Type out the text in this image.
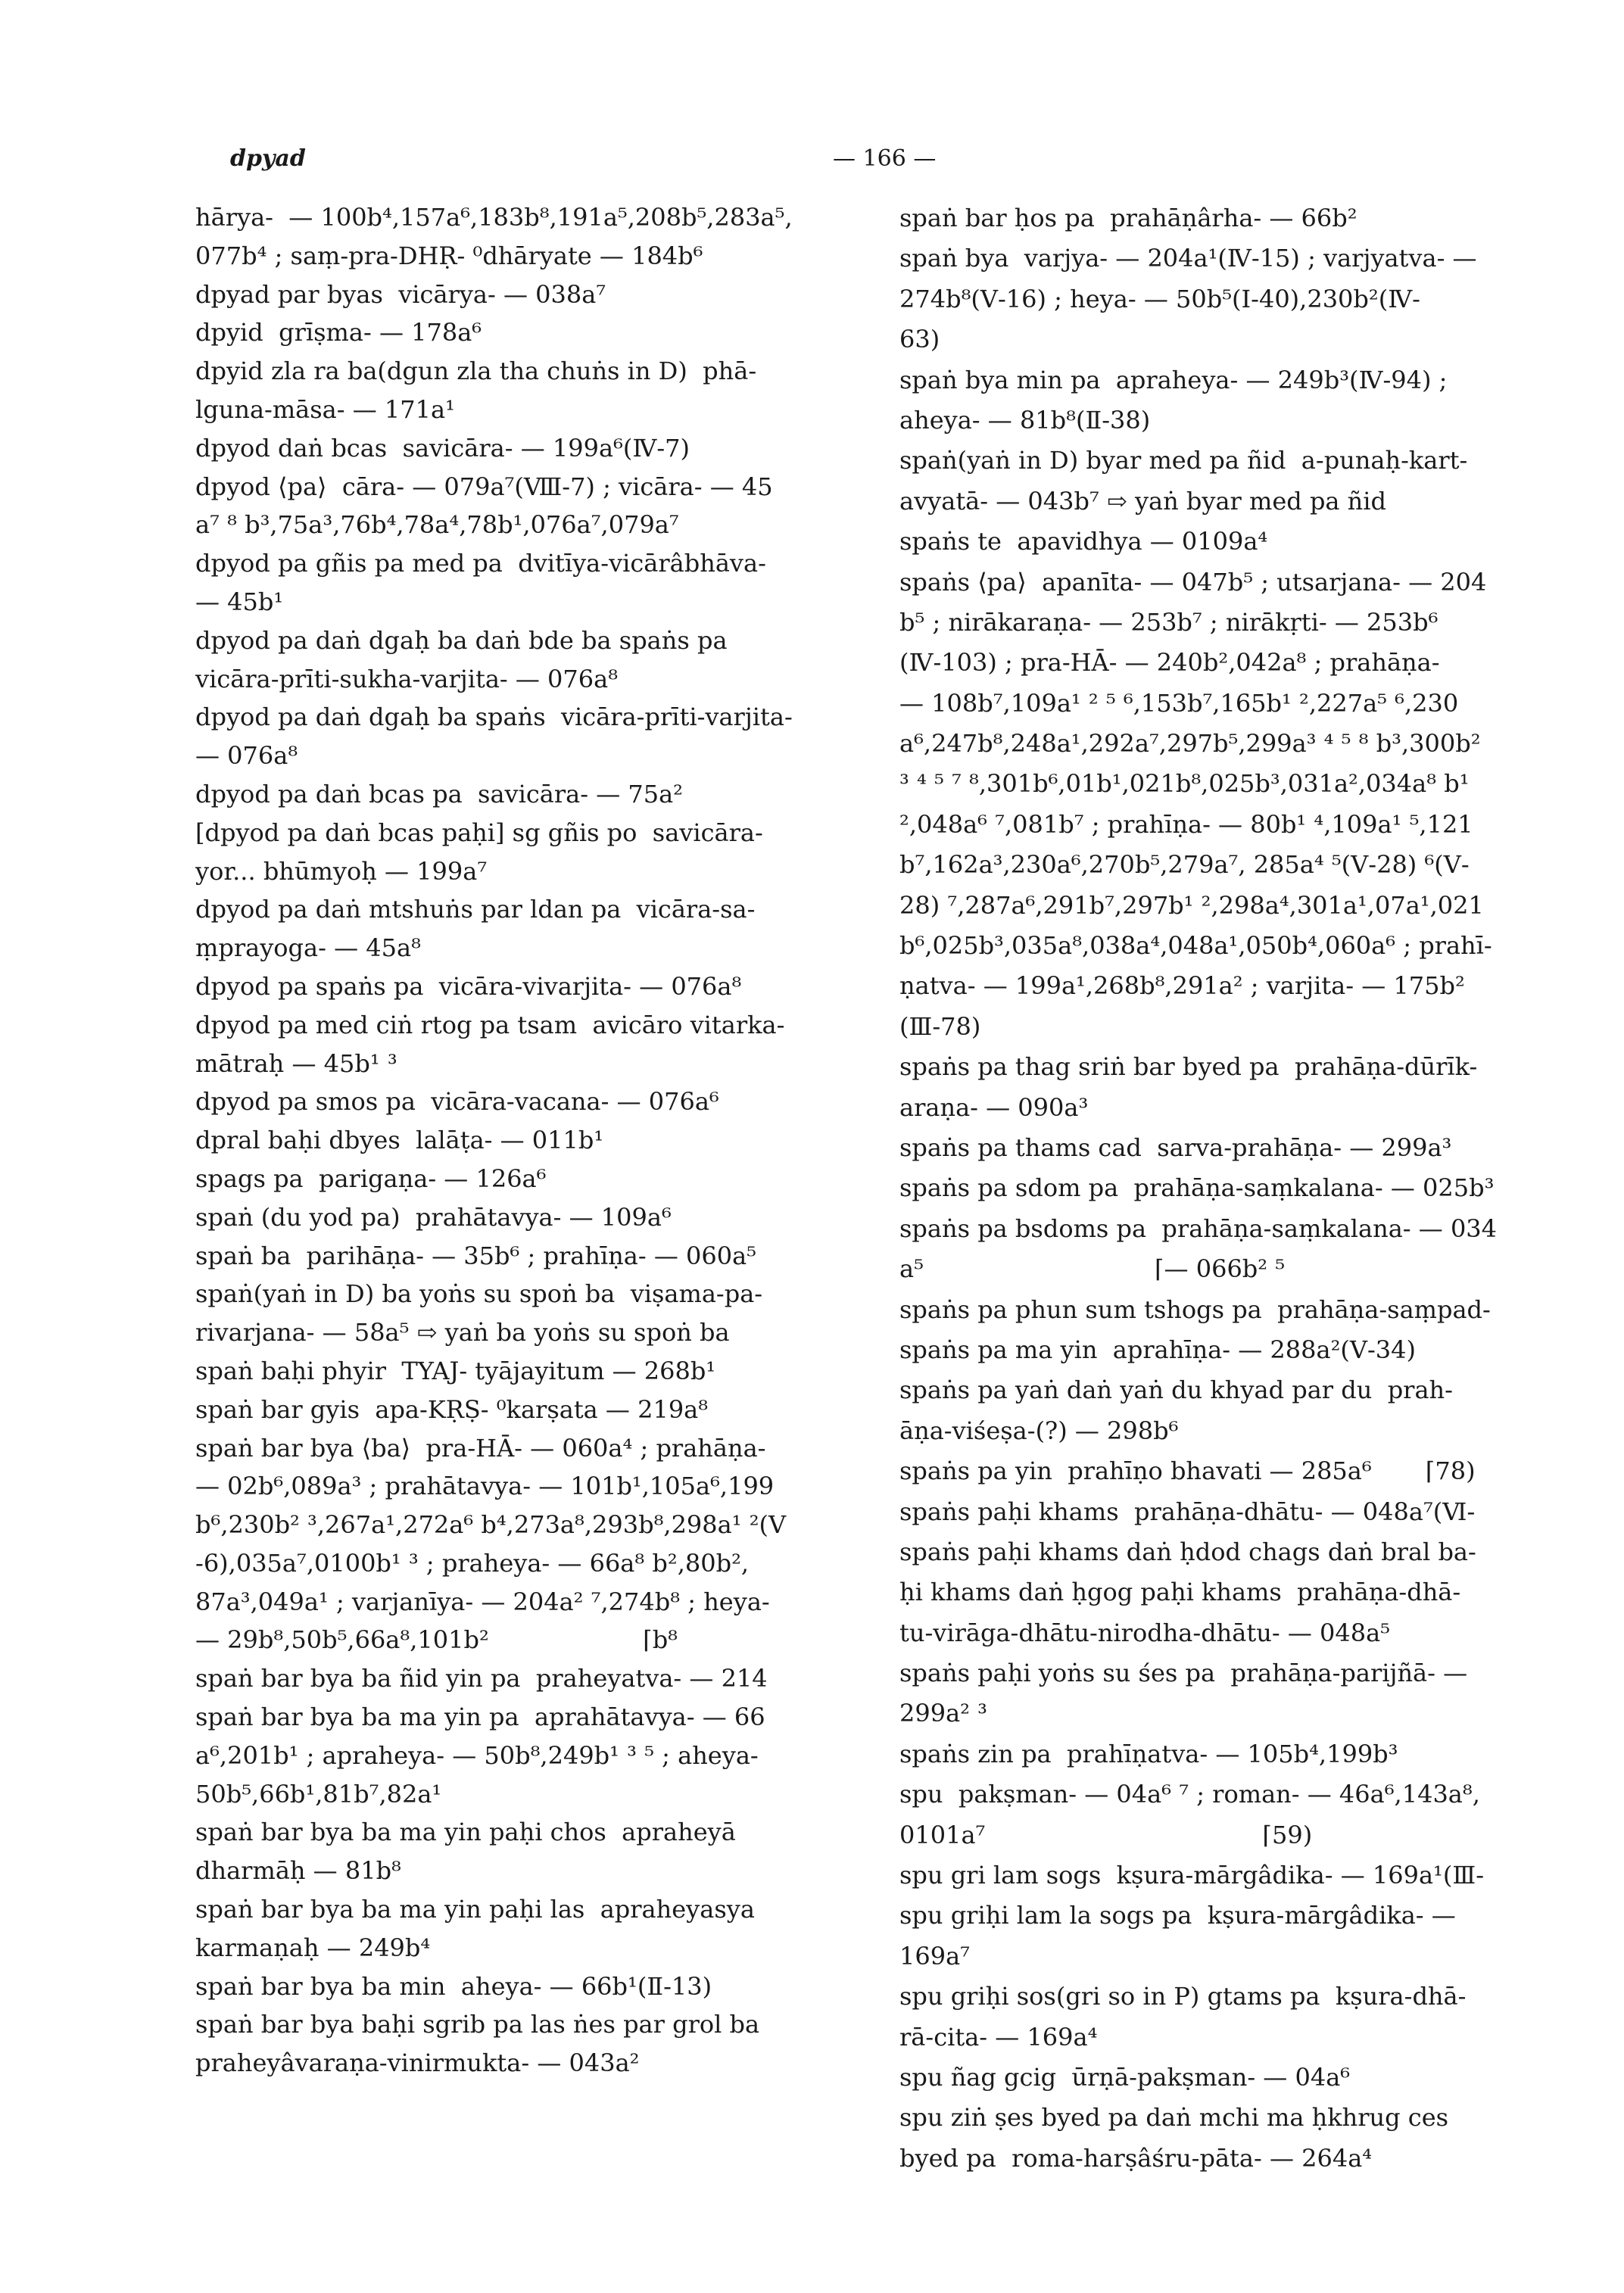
dpyad	— 166 —
hārya-  — 100b⁴,157a⁶,183b⁸,191a⁵,208b⁵,283a⁵,
077b⁴ ; saṃ-pra-DHṚ- ⁰dhāryate — 184b⁶
dpyad par byas  vicārya- — 038a⁷
dpyid  grīṣma- — 178a⁶
dpyid zla ra ba(dgun zla tha chuṅs in D)  phā-
lguna-māsa- — 171a¹
dpyod daṅ bcas  savicāra- — 199a⁶(Ⅳ-7)
dpyod ⟨pa⟩  cāra- — 079a⁷(Ⅷ-7) ; vicāra- — 45
a⁷ ⁸ b³,75a³,76b⁴,78a⁴,78b¹,076a⁷,079a⁷
dpyod pa gñis pa med pa  dvitīya-vicārâbhāva-
— 45b¹
dpyod pa daṅ dgaḥ ba daṅ bde ba spaṅs pa
vicāra-prīti-sukha-varjita- — 076a⁸
dpyod pa daṅ dgaḥ ba spaṅs  vicāra-prīti-varjita-
— 076a⁸
dpyod pa daṅ bcas pa  savicāra- — 75a²
[dpyod pa daṅ bcas paḥi] sg gñis po  savicāra-
yor... bhūmyoḥ — 199a⁷
dpyod pa daṅ mtshuṅs par ldan pa  vicāra-sa-
ṃprayoga- — 45a⁸
dpyod pa spaṅs pa  vicāra-vivarjita- — 076a⁸
dpyod pa med ciṅ rtog pa tsam  avicāro vitarka-
mātraḥ — 45b¹ ³
dpyod pa smos pa  vicāra-vacana- — 076a⁶
dpral baḥi dbyes  lalāṭa- — 011b¹
spags pa  parigaṇa- — 126a⁶
spaṅ (du yod pa)  prahātavya- — 109a⁶
spaṅ ba  parihāṇa- — 35b⁶ ; prahīṇa- — 060a⁵
spaṅ(yaṅ in D) ba yoṅs su spoṅ ba  viṣama-pa-
rivarjana- — 58a⁵ ⇨ yaṅ ba yoṅs su spoṅ ba
spaṅ baḥi phyir  TYAJ- tyājayitum — 268b¹
spaṅ bar gyis  apa-KṚṢ- ⁰karṣata — 219a⁸
spaṅ bar bya ⟨ba⟩  pra-HĀ- — 060a⁴ ; prahāṇa-
— 02b⁶,089a³ ; prahātavya- — 101b¹,105a⁶,199
b⁶,230b² ³,267a¹,272a⁶ b⁴,273a⁸,293b⁸,298a¹ ²(Ⅴ
-6),035a⁷,0100b¹ ³ ; praheya- — 66a⁸ b²,80b²,
87a³,049a¹ ; varjanīya- — 204a² ⁷,274b⁸ ; heya-
— 29b⁸,50b⁵,66a⁸,101b²                    ⌈b⁸
spaṅ bar bya ba ñid yin pa  praheyatva- — 214
spaṅ bar bya ba ma yin pa  aprahātavya- — 66
a⁶,201b¹ ; apraheya- — 50b⁸,249b¹ ³ ⁵ ; aheya-
50b⁵,66b¹,81b⁷,82a¹
spaṅ bar bya ba ma yin paḥi chos  apraheyā
dharmāḥ — 81b⁸
spaṅ bar bya ba ma yin paḥi las  apraheyasya
karmaṇaḥ — 249b⁴
spaṅ bar bya ba min  aheya- — 66b¹(Ⅱ-13)
spaṅ bar bya baḥi sgrib pa las ṅes par grol ba
praheyâvaraṇa-vinirmukta- — 043a²
spaṅ bar ḥos pa  prahāṇârha- — 66b²
spaṅ bya  varjya- — 204a¹(Ⅳ-15) ; varjyatva- —
274b⁸(Ⅴ-16) ; heya- — 50b⁵(Ⅰ-40),230b²(Ⅳ-
63)
spaṅ bya min pa  apraheya- — 249b³(Ⅳ-94) ;
aheya- — 81b⁸(Ⅱ-38)
spaṅ(yaṅ in D) byar med pa ñid  a-punaḥ-kart-
avyatā- — 043b⁷ ⇨ yaṅ byar med pa ñid
spaṅs te  apavidhya — 0109a⁴
spaṅs ⟨pa⟩  apanīta- — 047b⁵ ; utsarjana- — 204
b⁵ ; nirākaraṇa- — 253b⁷ ; nirākṛti- — 253b⁶
(Ⅳ-103) ; pra-HĀ- — 240b²,042a⁸ ; prahāṇa-
— 108b⁷,109a¹ ² ⁵ ⁶,153b⁷,165b¹ ²,227a⁵ ⁶,230
a⁶,247b⁸,248a¹,292a⁷,297b⁵,299a³ ⁴ ⁵ ⁸ b³,300b²
³ ⁴ ⁵ ⁷ ⁸,301b⁶,01b¹,021b⁸,025b³,031a²,034a⁸ b¹
²,048a⁶ ⁷,081b⁷ ; prahīṇa- — 80b¹ ⁴,109a¹ ⁵,121
b⁷,162a³,230a⁶,270b⁵,279a⁷, 285a⁴ ⁵(Ⅴ-28) ⁶(Ⅴ-
28) ⁷,287a⁶,291b⁷,297b¹ ²,298a⁴,301a¹,07a¹,021
b⁶,025b³,035a⁸,038a⁴,048a¹,050b⁴,060a⁶ ; prahī-
ṇatva- — 199a¹,268b⁸,291a² ; varjita- — 175b²
(Ⅲ-78)
spaṅs pa thag sriṅ bar byed pa  prahāṇa-dūrīk-
araṇa- — 090a³
spaṅs pa thams cad  sarva-prahāṇa- — 299a³
spaṅs pa sdom pa  prahāṇa-saṃkalana- — 025b³
spaṅs pa bsdoms pa  prahāṇa-saṃkalana- — 034
a⁵                              ⌈— 066b² ⁵
spaṅs pa phun sum tshogs pa  prahāṇa-saṃpad-
spaṅs pa ma yin  aprahīṇa- — 288a²(Ⅴ-34)
spaṅs pa yaṅ daṅ yaṅ du khyad par du  prah-
āṇa-viśeṣa-(?) — 298b⁶
spaṅs pa yin  prahīṇo bhavati — 285a⁶       ⌈78)
spaṅs paḥi khams  prahāṇa-dhātu- — 048a⁷(Ⅵ-
spaṅs paḥi khams daṅ ḥdod chags daṅ bral ba-
ḥi khams daṅ ḥgog paḥi khams  prahāṇa-dhā-
tu-virāga-dhātu-nirodha-dhātu- — 048a⁵
spaṅs paḥi yoṅs su śes pa  prahāṇa-parijñā- —
299a² ³
spaṅs zin pa  prahīṇatva- — 105b⁴,199b³
spu  pakṣman- — 04a⁶ ⁷ ; roman- — 46a⁶,143a⁸,
0101a⁷                                    ⌈59)
spu gri lam sogs  kṣura-mārgâdika- — 169a¹(Ⅲ-
spu griḥi lam la sogs pa  kṣura-mārgâdika- —
169a⁷
spu griḥi sos(gri so in P) gtams pa  kṣura-dhā-
rā-cita- — 169a⁴
spu ñag gcig  ūrṇā-pakṣman- — 04a⁶
spu ziṅ ṣes byed pa daṅ mchi ma ḥkhrug ces
byed pa  roma-harṣâśru-pāta- — 264a⁴
